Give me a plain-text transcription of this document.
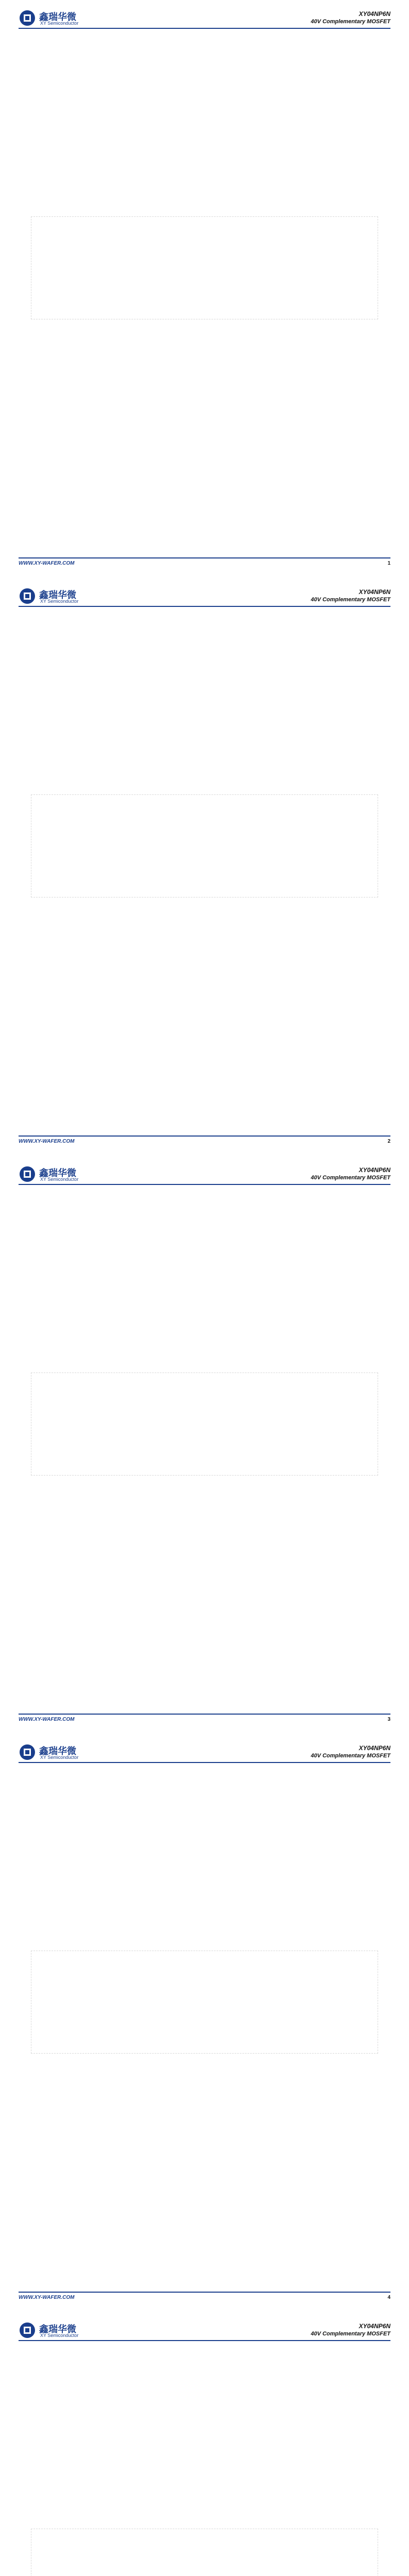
鑫瑞华微
XY Semiconductor
XY04NP6N
40V Complementary MOSFET
WWW.XY-WAFER.COM	1
鑫瑞华微
XY Semiconductor
XY04NP6N
40V Complementary MOSFET
WWW.XY-WAFER.COM	2
鑫瑞华微
XY Semiconductor
XY04NP6N
40V Complementary MOSFET
WWW.XY-WAFER.COM	3
鑫瑞华微
XY Semiconductor
XY04NP6N
40V Complementary MOSFET
WWW.XY-WAFER.COM	4
鑫瑞华微
XY Semiconductor
XY04NP6N
40V Complementary MOSFET
